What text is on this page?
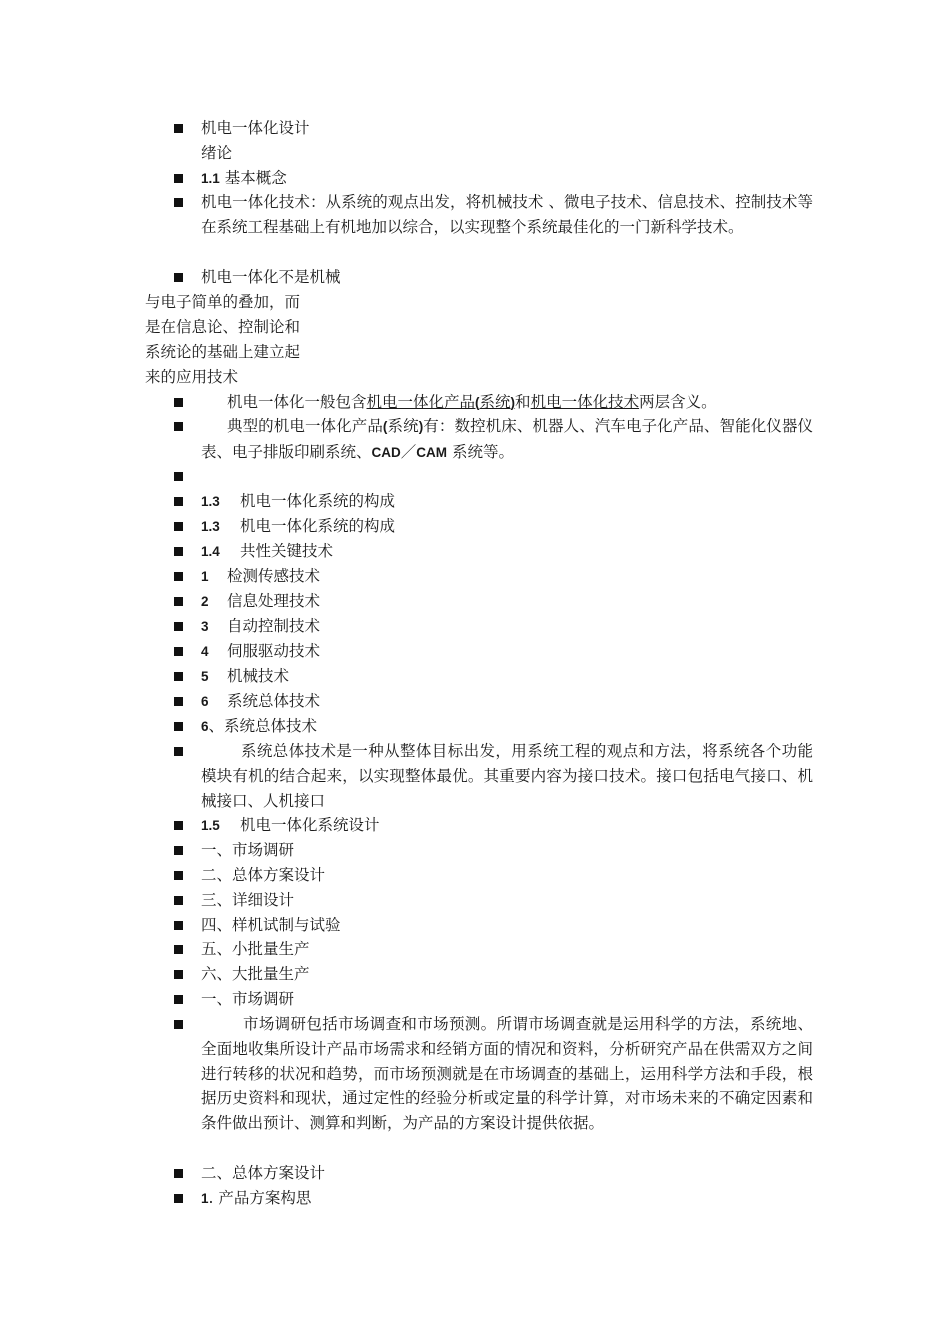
机电一体化设计
绪论
1.1 基本概念
机电一体化技术：从系统的观点出发，将机械技术 、微电子技术、信息技术、控制技术等在系统工程基础上有机地加以综合，以实现整个系统最佳化的一门新科学技术。
机电一体化不是机械
与电子简单的叠加，而
是在信息论、控制论和
系统论的基础上建立起
来的应用技术
机电一体化一般包含机电一体化产品(系统)和机电一体化技术两层含义。
典型的机电一体化产品(系统)有：数控机床、机器人、汽车电子化产品、智能化仪器仪表、电子排版印刷系统、CAD／CAM 系统等。
1.3 机电一体化系统的构成
1.3 机电一体化系统的构成
1.4 共性关键技术
1 检测传感技术
2 信息处理技术
3 自动控制技术
4 伺服驱动技术
5 机械技术
6 系统总体技术
6、系统总体技术
系统总体技术是一种从整体目标出发，用系统工程的观点和方法，将系统各个功能模块有机的结合起来，以实现整体最优。其重要内容为接口技术。接口包括电气接口、机械接口、人机接口
1.5 机电一体化系统设计
一、市场调研
二、总体方案设计
三、详细设计
四、样机试制与试验
五、小批量生产
六、大批量生产
一、市场调研
市场调研包括市场调查和市场预测。所谓市场调查就是运用科学的方法，系统地、全面地收集所设计产品市场需求和经销方面的情况和资料，分析研究产品在供需双方之间进行转移的状况和趋势，而市场预测就是在市场调查的基础上，运用科学方法和手段，根据历史资料和现状，通过定性的经验分析或定量的科学计算，对市场未来的不确定因素和条件做出预计、测算和判断，为产品的方案设计提供依据。
二、总体方案设计
1. 产品方案构思
